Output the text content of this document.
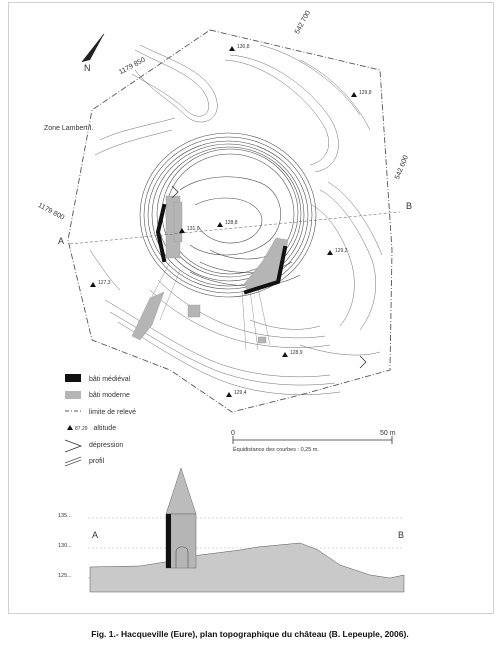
N
Zone Lambert I.
A
B
1179 850
542 700
542 600
1179 800
130,8
129,8
131,0
128,8
127,3
129,4
129,3
128,9
bâti médiéval
bâti moderne
limite de relevé
87.29 altitude
dépression
profil
0	50 m
Équidistance des courbes : 0,25 m.
135...
130...
125...
A	B
Fig. 1.- Hacqueville (Eure), plan topographique du château (B. Lepeuple, 2006).
